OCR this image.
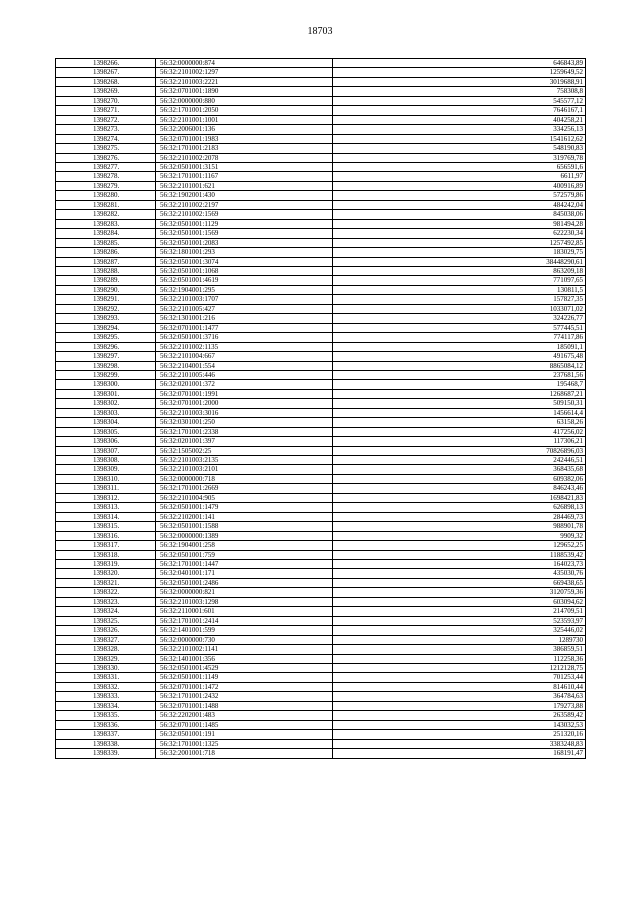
18703
1398266.	56:32:0000000:874	646843,89
1398267.	56:32:2101002:1297	1259649,52
1398268.	56:32:2101003:2221	3019688,91
1398269.	56:32:0701001:1890	758308,8
1398270.	56:32:0000000:880	545577,12
1398271.	56:32:1701001:2050	7646167,1
1398272.	56:32:2101001:1001	404258,21
1398273.	56:32:2006001:136	334256,13
1398274.	56:32:0701001:1983	1541612,62
1398275.	56:32:1701001:2183	548190,83
1398276.	56:32:2101002:2078	319769,78
1398277.	56:32:0501001:3151	656591,6
1398278.	56:32:1701001:1167	6611,97
1398279.	56:32:2101001:621	400916,89
1398280.	56:32:1902001:430	572579,86
1398281.	56:32:2101002:2197	484242,04
1398282.	56:32:2101002:1569	845038,06
1398283.	56:32:0501001:1129	981494,28
1398284.	56:32:0501001:1569	622230,34
1398285.	56:32:0501001:2083	1257492,85
1398286.	56:32:1801001:293	183029,75
1398287.	56:32:0501001:3074	38448290,61
1398288.	56:32:0501001:1068	863209,18
1398289.	56:32:0501001:4619	771097,65
1398290.	56:32:1904001:295	130811,5
1398291.	56:32:2101003:1707	157827,35
1398292.	56:32:2101005:427	1033071,02
1398293.	56:32:1301001:216	324226,77
1398294.	56:32:0701001:1477	577445,51
1398295.	56:32:0501001:3716	774117,86
1398296.	56:32:2101002:1135	185091,1
1398297.	56:32:2101004:667	491675,48
1398298.	56:32:2104001:554	8865084,12
1398299.	56:32:2101005:446	237681,56
1398300.	56:32:0201001:372	195468,7
1398301.	56:32:0701001:1991	1268687,21
1398302.	56:32:0701001:2000	509150,31
1398303.	56:32:2101003:3016	1456614,4
1398304.	56:32:0301001:250	63158,26
1398305.	56:32:1701001:2338	417256,02
1398306.	56:32:0201001:397	117306,21
1398307.	56:32:1505002:25	70826896,03
1398308.	56:32:2101003:2135	242446,51
1398309.	56:32:2101003:2101	368435,68
1398310.	56:32:0000000:718	609382,06
1398311.	56:32:1701001:2669	846243,46
1398312.	56:32:2101004:905	1698421,83
1398313.	56:32:0501001:1479	626898,13
1398314.	56:32:2102001:141	284469,73
1398315.	56:32:0501001:1588	988901,78
1398316.	56:32:0000000:1389	9909,32
1398317.	56:32:1904001:258	129652,25
1398318.	56:32:0501001:759	1188539,42
1398319.	56:32:1701001:1447	164023,73
1398320.	56:32:0401001:171	435030,76
1398321.	56:32:0501001:2486	669438,65
1398322.	56:32:0000000:821	3120759,36
1398323.	56:32:2101003:1298	603094,62
1398324.	56:32:2110001:601	214709,51
1398325.	56:32:1701001:2414	523593,97
1398326.	56:32:1401001:599	325446,02
1398327.	56:32:0000000:730	1289730
1398328.	56:32:2101002:1141	386859,51
1398329.	56:32:1401001:356	112258,36
1398330.	56:32:0501001:4529	1212128,75
1398331.	56:32:0501001:1149	701253,44
1398332.	56:32:0701001:1472	814610,44
1398333.	56:32:1701001:2432	364784,63
1398334.	56:32:0701001:1488	179273,88
1398335.	56:32:2202001:483	263589,42
1398336.	56:32:0701001:1485	143032,53
1398337.	56:32:0501001:191	251320,16
1398338.	56:32:1701001:1325	3383248,83
1398339.	56:32:2001001:718	168191,47
